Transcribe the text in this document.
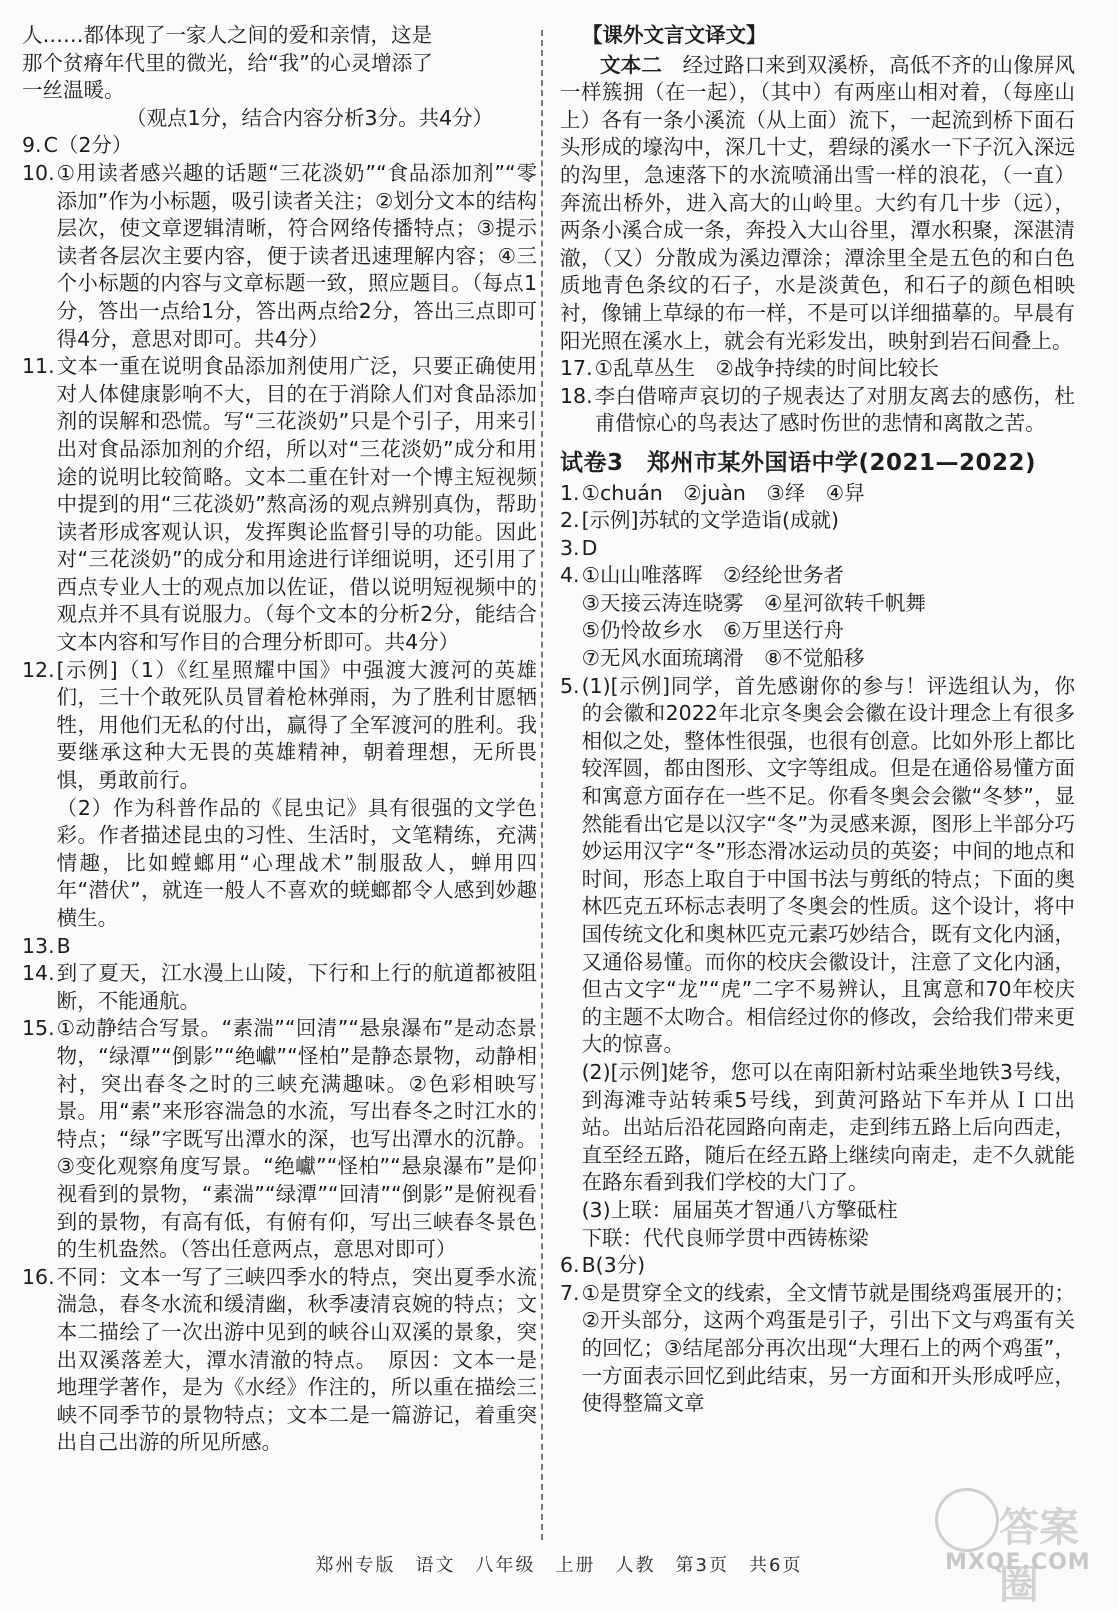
人……都体现了一家人之间的爱和亲情，这是

那个贫瘠年代里的微光，给“我”的心灵增添了

一丝温暖。

（观点1分，结合内容分析3分。共4分）

9. C（2分）
10. ①用读者感兴趣的话题“三花淡奶”“食品添加剂”“零添加”作为小标题，吸引读者关注；②划分文本的结构层次，使文章逻辑清晰，符合网络传播特点；③提示读者各层次主要内容，便于读者迅速理解内容；④三个小标题的内容与文章标题一致，照应题目。（每点1分，答出一点给1分，答出两点给2分，答出三点即可得4分，意思对即可。共4分）
11. 文本一重在说明食品添加剂使用广泛，只要正确使用对人体健康影响不大，目的在于消除人们对食品添加剂的误解和恐慌。写“三花淡奶”只是个引子，用来引出对食品添加剂的介绍，所以对“三花淡奶”成分和用途的说明比较简略。文本二重在针对一个博主短视频中提到的用“三花淡奶”熬高汤的观点辨别真伪，帮助读者形成客观认识，发挥舆论监督引导的功能。因此对“三花淡奶”的成分和用途进行详细说明，还引用了西点专业人士的观点加以佐证，借以说明短视频中的观点并不具有说服力。（每个文本的分析2分，能结合文本内容和写作目的合理分析即可。共4分）
12. [示例]（1）《红星照耀中国》中强渡大渡河的英雄们，三十个敢死队员冒着枪林弹雨，为了胜利甘愿牺牲，用他们无私的付出，赢得了全军渡河的胜利。我要继承这种大无畏的英雄精神，朝着理想，无所畏惧，勇敢前行。
（2）作为科普作品的《昆虫记》具有很强的文学色彩。作者描述昆虫的习性、生活时，文笔精练，充满情趣，比如螳螂用“心理战术”制服敌人，蝉用四年“潜伏”，就连一般人不喜欢的蜣螂都令人感到妙趣横生。
13. B
14. 到了夏天，江水漫上山陵，下行和上行的航道都被阻断，不能通航。
15. ①动静结合写景。“素湍”“回清”“悬泉瀑布”是动态景物，“绿潭”“倒影”“绝巘”“怪柏”是静态景物，动静相衬，突出春冬之时的三峡充满趣味。②色彩相映写景。用“素”来形容湍急的水流，写出春冬之时江水的特点；“绿”字既写出潭水的深，也写出潭水的沉静。③变化观察角度写景。“绝巘”“怪柏”“悬泉瀑布”是仰视看到的景物，“素湍”“绿潭”“回清”“倒影”是俯视看到的景物，有高有低，有俯有仰，写出三峡春冬景色的生机盎然。（答出任意两点，意思对即可）
16. 不同：文本一写了三峡四季水的特点，突出夏季水流湍急，春冬水流和缓清幽，秋季凄清哀婉的特点；文本二描绘了一次出游中见到的峡谷山双溪的景象，突出双溪落差大，潭水清澈的特点。　原因：文本一是地理学著作，是为《水经》作注的，所以重在描绘三峡不同季节的景物特点；文本二是一篇游记，着重突出自己出游的所见所感。

【课外文言文译文】

文本二　 经过路口来到双溪桥，高低不齐的山像屏风一样簇拥（在一起），（其中）有两座山相对着，（每座山上）各有一条小溪流（从上面）流下，一起流到桥下面石头形成的壕沟中，深几十丈，碧绿的溪水一下子沉入深远的沟里，急速落下的水流喷涌出雪一样的浪花，（一直）奔流出桥外，进入高大的山岭里。大约有几十步（远），两条小溪合成一条，奔投入大山谷里，潭水积聚，深湛清澈，（又）分散成为溪边潭涂；潭涂里全是五色的和白色质地青色条纹的石子，水是淡黄色，和石子的颜色相映衬，像铺上草绿的布一样，不是可以详细描摹的。早晨有阳光照在溪水上，就会有光彩发出，映射到岩石间叠上。

17. ①乱草丛生　②战争持续的时间比较长
18. 李白借啼声哀切的子规表达了对朋友离去的感伤，杜甫借惊心的鸟表达了感时伤世的悲情和离散之苦。

试卷3　郑州市某外国语中学(2021—2022)

1. ①chuán　②juàn　③绎　④舁
2. [示例]苏轼的文学造诣(成就)
3. D
4. ①山山唯落晖　②经纶世务者
③天接云涛连晓雾　④星河欲转千帆舞
⑤仍怜故乡水　⑥万里送行舟
⑦无风水面琉璃滑　⑧不觉船移
5. (1)[示例]同学，首先感谢你的参与！评选组认为，你的会徽和2022年北京冬奥会会徽在设计理念上有很多相似之处，整体性很强，也很有创意。比如外形上都比较浑圆，都由图形、文字等组成。但是在通俗易懂方面和寓意方面存在一些不足。你看冬奥会会徽“冬梦”，显然能看出它是以汉字“冬”为灵感来源，图形上半部分巧妙运用汉字“冬”形态滑冰运动员的英姿；中间的地点和时间，形态上取自于中国书法与剪纸的特点；下面的奥林匹克五环标志表明了冬奥会的性质。这个设计，将中国传统文化和奥林匹克元素巧妙结合，既有文化内涵，又通俗易懂。而你的校庆会徽设计，注意了文化内涵，但古文字“龙”“虎”二字不易辨认，且寓意和70年校庆的主题不太吻合。相信经过你的修改，会给我们带来更大的惊喜。
(2)[示例]姥爷，您可以在南阳新村站乘坐地铁3号线，到海滩寺站转乘5号线，到黄河路站下车并从Ｉ口出站。出站后沿花园路向南走，走到纬五路上后向西走，直至经五路，随后在经五路上继续向南走，走不久就能在路东看到我们学校的大门了。
(3)上联：届届英才智通八方擎砥柱
下联：代代良师学贯中西铸栋梁
6. B(3分)
7. ①是贯穿全文的线索，全文情节就是围绕鸡蛋展开的；②开头部分，这两个鸡蛋是引子，引出下文与鸡蛋有关的回忆；③结尾部分再次出现“大理石上的两个鸡蛋”，一方面表示回忆到此结束，另一方面和开头形成呼应，使得整篇文章
郑州专版　语文　八年级　上册　人教　第3页　共6页
答案圈
MXQE.COM
